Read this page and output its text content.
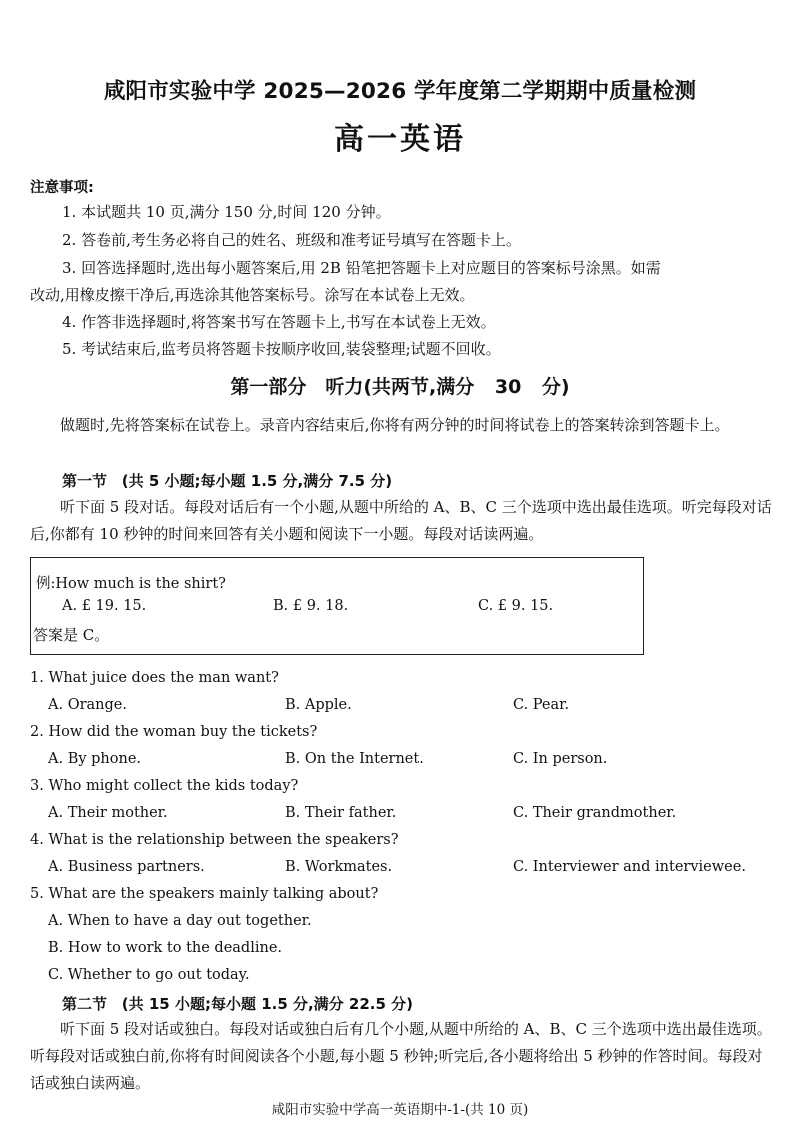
咸阳市实验中学 2025—2026 学年度第二学期期中质量检测
高一英语
注意事项:
1. 本试题共 10 页,满分 150 分,时间 120 分钟。
2. 答卷前,考生务必将自己的姓名、班级和准考证号填写在答题卡上。
3. 回答选择题时,选出每小题答案后,用 2B 铅笔把答题卡上对应题目的答案标号涂黑。如需
改动,用橡皮擦干净后,再选涂其他答案标号。涂写在本试卷上无效。
4. 作答非选择题时,将答案书写在答题卡上,书写在本试卷上无效。
5. 考试结束后,监考员将答题卡按顺序收回,装袋整理;试题不回收。
第一部分　听力(共两节,满分 30 分)
做题时,先将答案标在试卷上。录音内容结束后,你将有两分钟的时间将试卷上的答案转涂到答题卡上。
第一节 (共 5 小题;每小题 1.5 分,满分 7.5 分)
听下面 5 段对话。每段对话后有一个小题,从题中所给的 A、B、C 三个选项中选出最佳选项。听完每段对话后,你都有 10 秒钟的时间来回答有关小题和阅读下一小题。每段对话读两遍。
例:How much is the shirt?
A. £ 19. 15.	B. £ 9. 18.	C. £ 9. 15.
答案是 C。
1. What juice does the man want?
A. Orange.	B. Apple.	C. Pear.
2. How did the woman buy the tickets?
A. By phone.	B. On the Internet.	C. In person.
3. Who might collect the kids today?
A. Their mother.	B. Their father.	C. Their grandmother.
4. What is the relationship between the speakers?
A. Business partners.	B. Workmates.	C. Interviewer and interviewee.
5. What are the speakers mainly talking about?
A. When to have a day out together.
B. How to work to the deadline.
C. Whether to go out today.
第二节 (共 15 小题;每小题 1.5 分,满分 22.5 分)
听下面 5 段对话或独白。每段对话或独白后有几个小题,从题中所给的 A、B、C 三个选项中选出最佳选项。听每段对话或独白前,你将有时间阅读各个小题,每小题 5 秒钟;听完后,各小题将给出 5 秒钟的作答时间。每段对话或独白读两遍。
咸阳市实验中学高一英语期中-1-(共 10 页)
